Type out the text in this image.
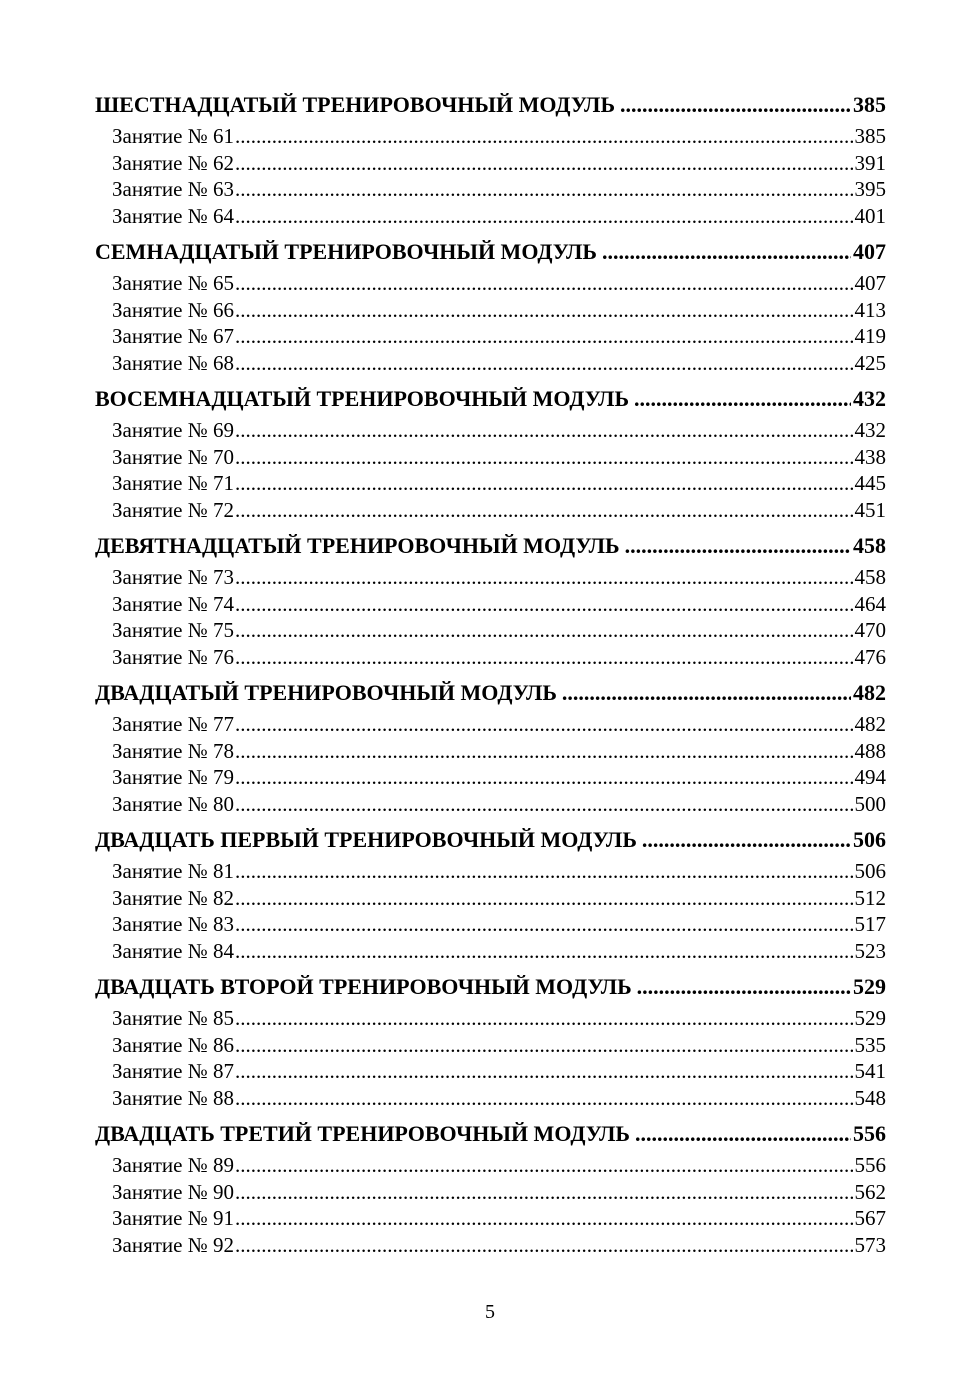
ШЕСТНАДЦАТЫЙ ТРЕНИРОВОЧНЫЙ МОДУЛЬ .....	385
Занятие № 61 .....	385
Занятие № 62 .....	391
Занятие № 63 .....	395
Занятие № 64 .....	401
СЕМНАДЦАТЫЙ ТРЕНИРОВОЧНЫЙ МОДУЛЬ .....	407
Занятие № 65 .....	407
Занятие № 66 .....	413
Занятие № 67 .....	419
Занятие № 68 .....	425
ВОСЕМНАДЦАТЫЙ ТРЕНИРОВОЧНЫЙ МОДУЛЬ .....	432
Занятие № 69 .....	432
Занятие № 70 .....	438
Занятие № 71 .....	445
Занятие № 72 .....	451
ДЕВЯТНАДЦАТЫЙ ТРЕНИРОВОЧНЫЙ МОДУЛЬ .....	458
Занятие № 73 .....	458
Занятие № 74 .....	464
Занятие № 75 .....	470
Занятие № 76 .....	476
ДВАДЦАТЫЙ ТРЕНИРОВОЧНЫЙ МОДУЛЬ .....	482
Занятие № 77 .....	482
Занятие № 78 .....	488
Занятие № 79 .....	494
Занятие № 80 .....	500
ДВАДЦАТЬ ПЕРВЫЙ ТРЕНИРОВОЧНЫЙ МОДУЛЬ .....	506
Занятие № 81 .....	506
Занятие № 82 .....	512
Занятие № 83 .....	517
Занятие № 84 .....	523
ДВАДЦАТЬ ВТОРОЙ ТРЕНИРОВОЧНЫЙ МОДУЛЬ .....	529
Занятие № 85 .....	529
Занятие № 86 .....	535
Занятие № 87 .....	541
Занятие № 88 .....	548
ДВАДЦАТЬ ТРЕТИЙ ТРЕНИРОВОЧНЫЙ МОДУЛЬ .....	556
Занятие № 89 .....	556
Занятие № 90 .....	562
Занятие № 91 .....	567
Занятие № 92 .....	573
5
